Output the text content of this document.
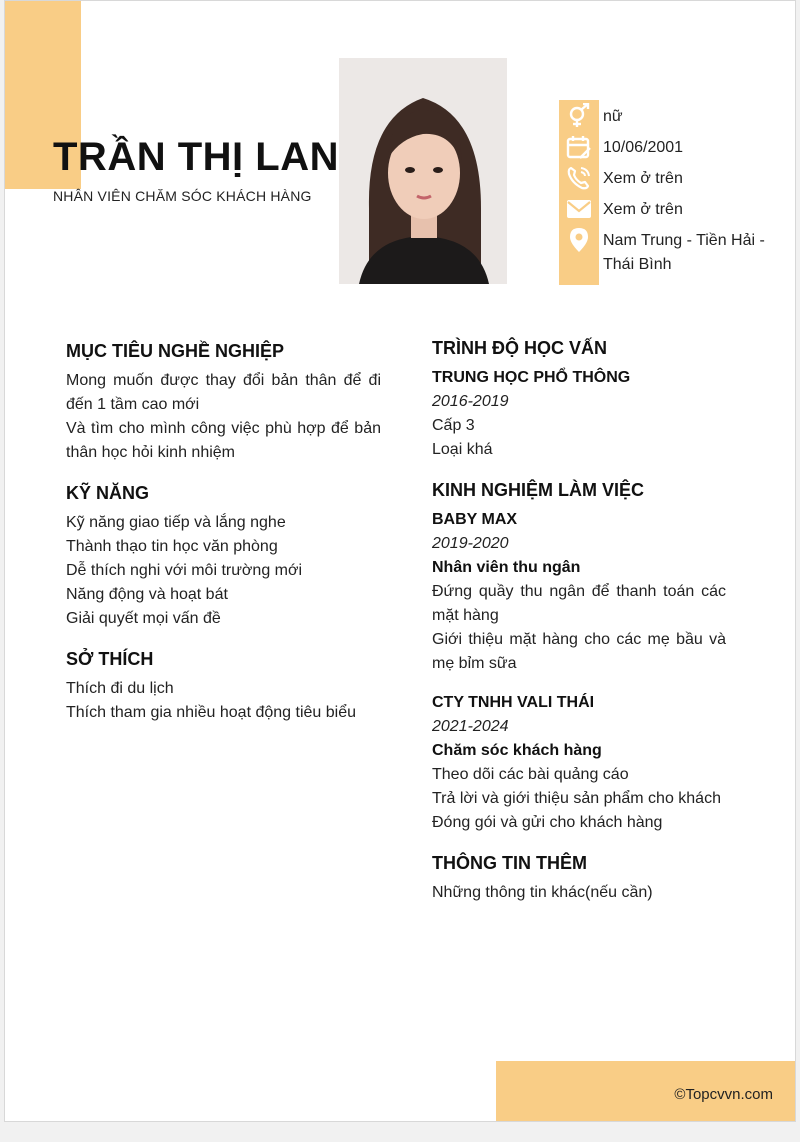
TRẦN THỊ LAN
NHÂN VIÊN CHĂM SÓC KHÁCH HÀNG
nữ
10/06/2001
Xem ở trên
Xem ở trên
Nam Trung - Tiền Hải - Thái Bình
MỤC TIÊU NGHỀ NGHIỆP
Mong muốn được thay đổi bản thân để đi đến 1 tầm cao mới
Và tìm cho mình công việc phù hợp để bản thân học hỏi kinh nhiệm
KỸ NĂNG
Kỹ năng giao tiếp và lắng nghe
Thành thạo tin học văn phòng
Dễ thích nghi với môi trường mới
Năng động và hoạt bát
Giải quyết mọi vấn đề
SỞ THÍCH
Thích đi du lịch
Thích tham gia nhiều hoạt động tiêu biểu
TRÌNH ĐỘ HỌC VẤN
TRUNG HỌC PHỔ THÔNG
2016-2019
Cấp 3
Loại khá
KINH NGHIỆM LÀM VIỆC
BABY MAX
2019-2020
Nhân viên thu ngân
Đứng quầy thu ngân để thanh toán các mặt hàng
Giới thiệu mặt hàng cho các mẹ bầu và mẹ bỉm sữa
CTY TNHH VALI THÁI
2021-2024
Chăm sóc khách hàng
Theo dõi các bài quảng cáo
Trả lời và giới thiệu sản phẩm cho khách
Đóng gói và gửi cho khách hàng
THÔNG TIN THÊM
Những thông tin khác(nếu cần)
©Topcvvn.com
